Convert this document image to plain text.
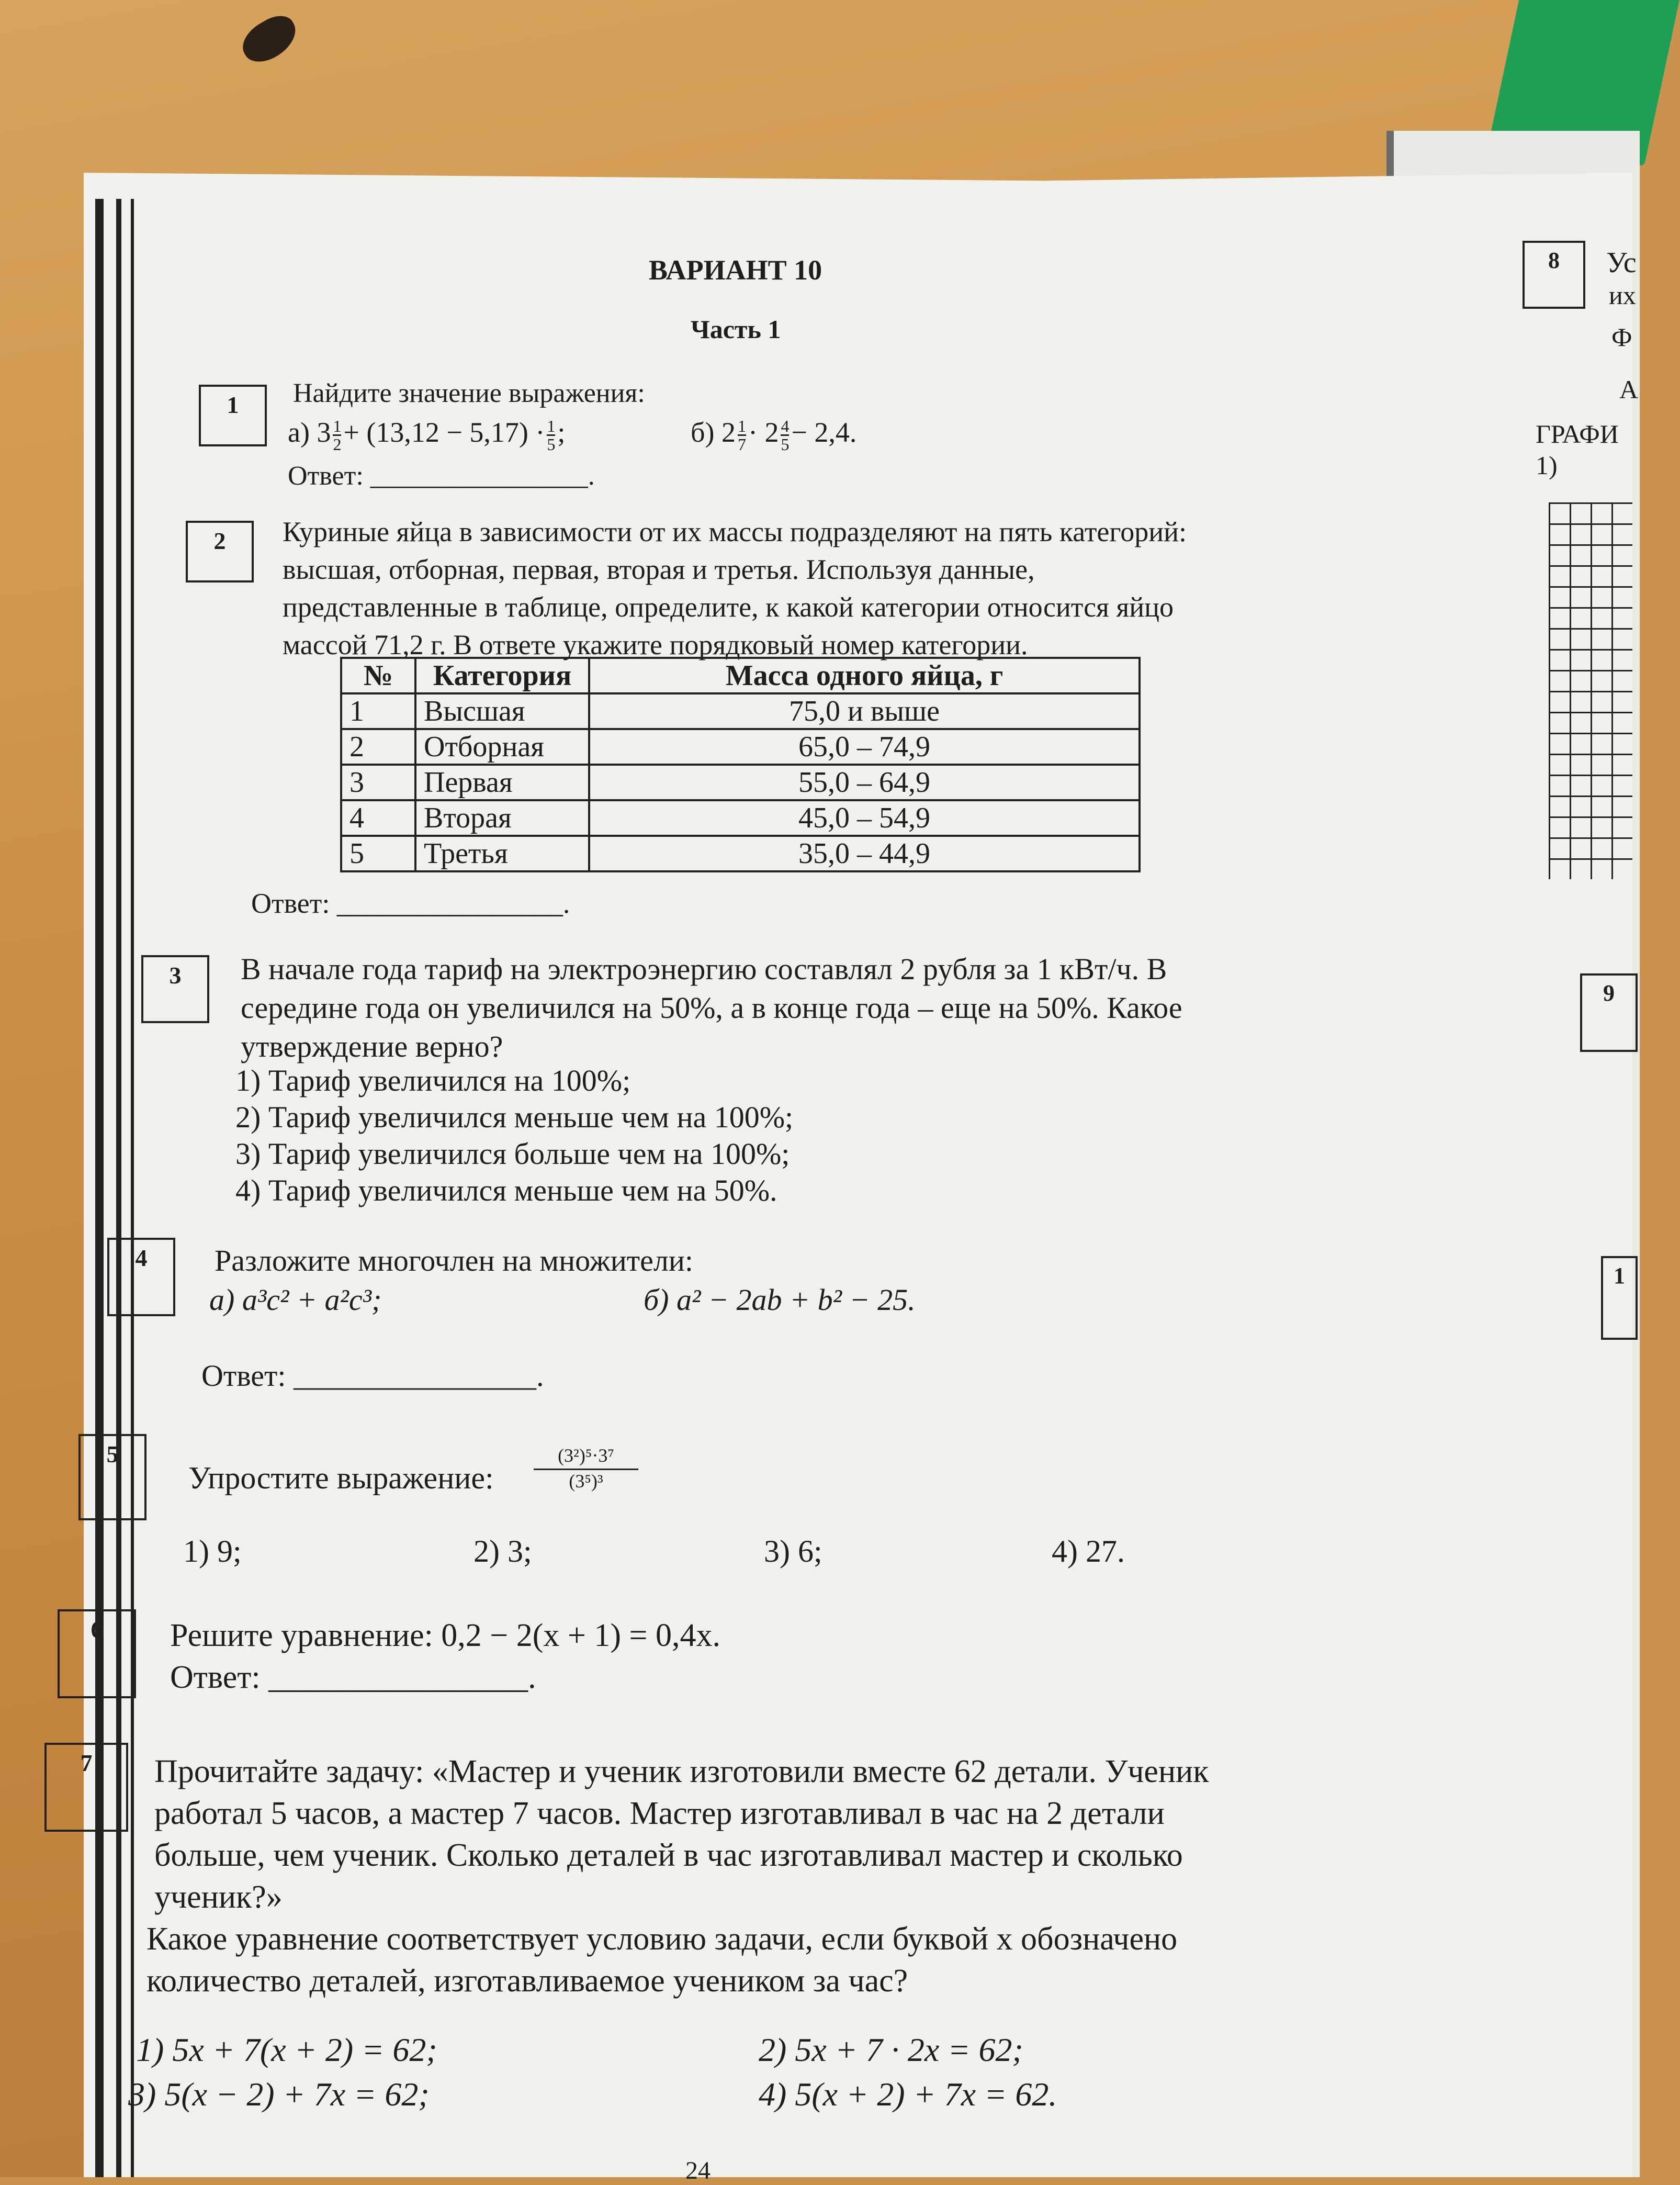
ВАРИАНТ 10
Часть 1
1	Найдите значение выражения:
а) $3 \frac{1}{2} + (13,12 - 5,17) \cdot \frac{1}{5}$ ;	б) $2 \frac{1}{7} \cdot 2 \frac{4}{5} - 2,4$.
Ответ: ________________.
2	Куриные яйца в зависимости от их массы подразделяют на пять категорий:
высшая, отборная, первая, вторая и третья. Используя данные,
представленные в таблице, определите, к какой категории относится яйцо
массой 71,2 г. В ответе укажите порядковый номер категории.
№	Категория	Масса одного яйца, г
1	Высшая	75,0 и выше
2	Отборная	65,0 – 74,9
3	Первая	55,0 – 64,9
4	Вторая	45,0 – 54,9
5	Третья	35,0 – 44,9
Ответ: ________________.
3	В начале года тариф на электроэнергию составлял 2 рубля за 1 кВт/ч. В
середине года он увеличился на 50%, а в конце года – еще на 50%. Какое
утверждение верно?
1) Тариф увеличился на 100%;
2) Тариф увеличился меньше чем на 100%;
3) Тариф увеличился больше чем на 100%;
4) Тариф увеличился меньше чем на 50%.
4	Разложите многочлен на множители:
а) a³c² + a²c³;	б) a² − 2ab + b² − 25.
Ответ: ________________.
5
Упростите выражение: $\frac{\text{(3²)⁵·3⁷}}{\text{(3⁵)³}}$
1) 9;	2) 3;	3) 6;	4) 27.
6	Решите уравнение: 0,2 − 2(x + 1) = 0,4x.
Ответ: ________________.
7	Прочитайте задачу: «Мастер и ученик изготовили вместе 62 детали. Ученик
работал 5 часов, а мастер 7 часов. Мастер изготавливал в час на 2 детали
больше, чем ученик. Сколько деталей в час изготавливал мастер и сколько
ученик?»
Какое уравнение соответствует условию задачи, если буквой x обозначено
количество деталей, изготавливаемое учеником за час?
1) 5x + 7(x + 2) = 62;	2) 5x + 7 · 2x = 62;
3) 5(x − 2) + 7x = 62;	4) 5(x + 2) + 7x = 62.
24
8	Ус
их
Ф
А
ГРАФИ
1)
9
1
